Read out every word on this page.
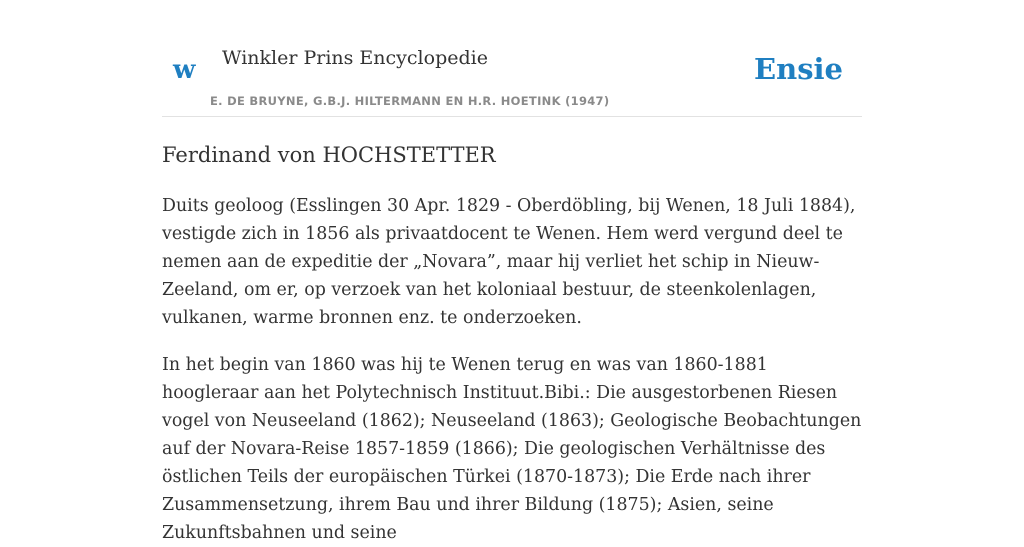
w Winkler Prins Encyclopedie
E. DE BRUYNE, G.B.J. HILTERMANN EN H.R. HOETINK (1947)
Ensie
Ferdinand von HOCHSTETTER

Duits geoloog (Esslingen 30 Apr. 1829 - Oberdöbling, bij Wenen, 18 Juli 1884), vestigde zich in 1856 als privaatdocent te Wenen. Hem werd vergund deel te nemen aan de expeditie der „Novara”, maar hij verliet het schip in Nieuw-Zeeland, om er, op verzoek van het koloniaal bestuur, de steenkolenlagen, vulkanen, warme bronnen enz. te onderzoeken.

In het begin van 1860 was hij te Wenen terug en was van 1860-1881 hoogleraar aan het Polytechnisch Instituut.Bibi.: Die ausgestorbenen Riesen vogel von Neuseeland (1862); Neuseeland (1863); Geologische Beobachtungen auf der Novara-Reise 1857-1859 (1866); Die geologischen Verhältnisse des östlichen Teils der europäischen Türkei (1870-1873); Die Erde nach ihrer Zusammensetzung, ihrem Bau und ihrer Bildung (1875); Asien, seine Zukunftsbahnen und seine
